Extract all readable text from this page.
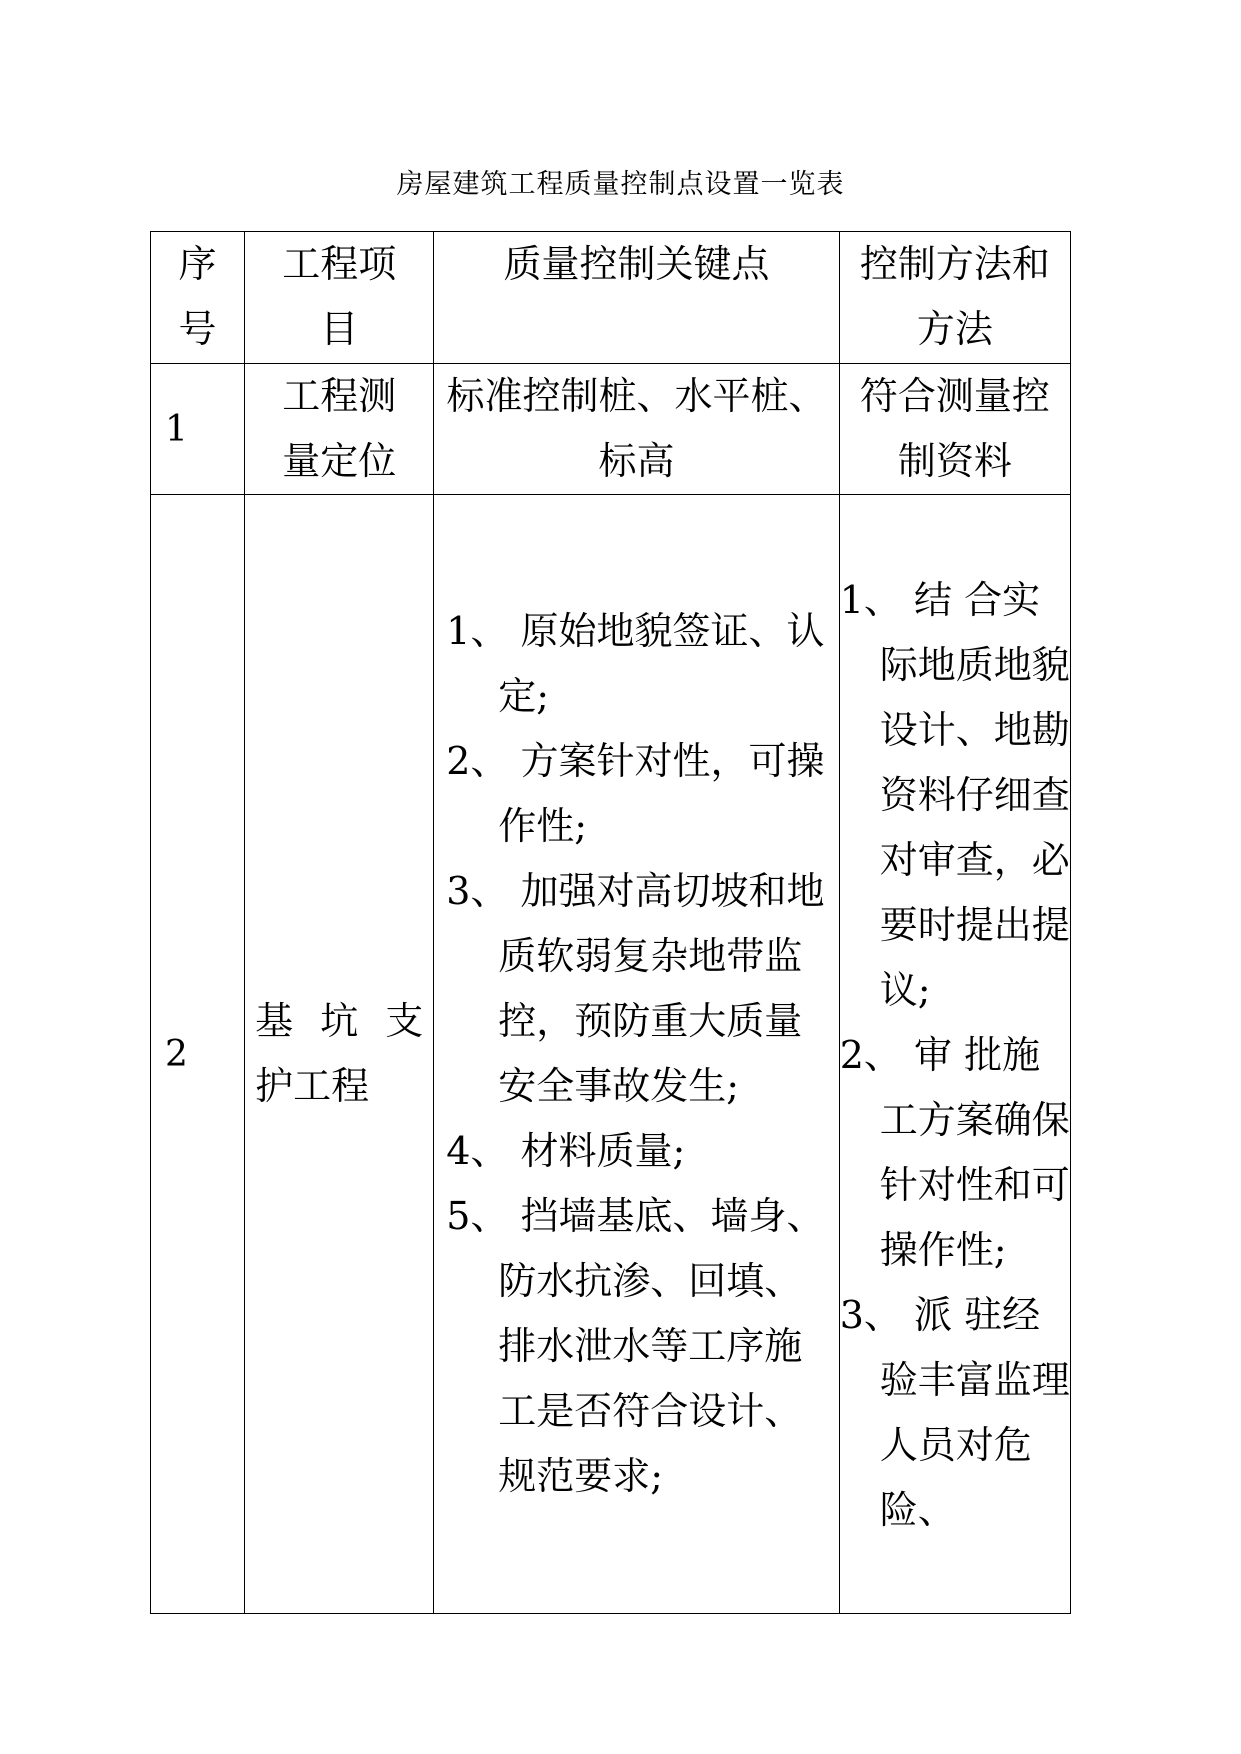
房屋建筑工程质量控制点设置一览表
序号	工程项目	质量控制关键点	控制方法和方法

1	工程测量定位	标准控制桩、水平桩、标高	符合测量控制资料

2	基 坑 支 护工程	1、 原始地貌签证、认定;
2、 方案针对性，可操作性;
3、 加强对高切坡和地质软弱复杂地带监控，预防重大质量安全事故发生;
4、 材料质量;
5、 挡墙基底、墙身、防水抗渗、回填、排水泄水等工序施工是否符合设计、规范要求;	1、 结 合实际地质地貌设计、地勘资料仔细查对审查，必要时提出提议;
2、 审 批施工方案确保针对性和可操作性;
3、 派 驻经验丰富监理人员对危险、
